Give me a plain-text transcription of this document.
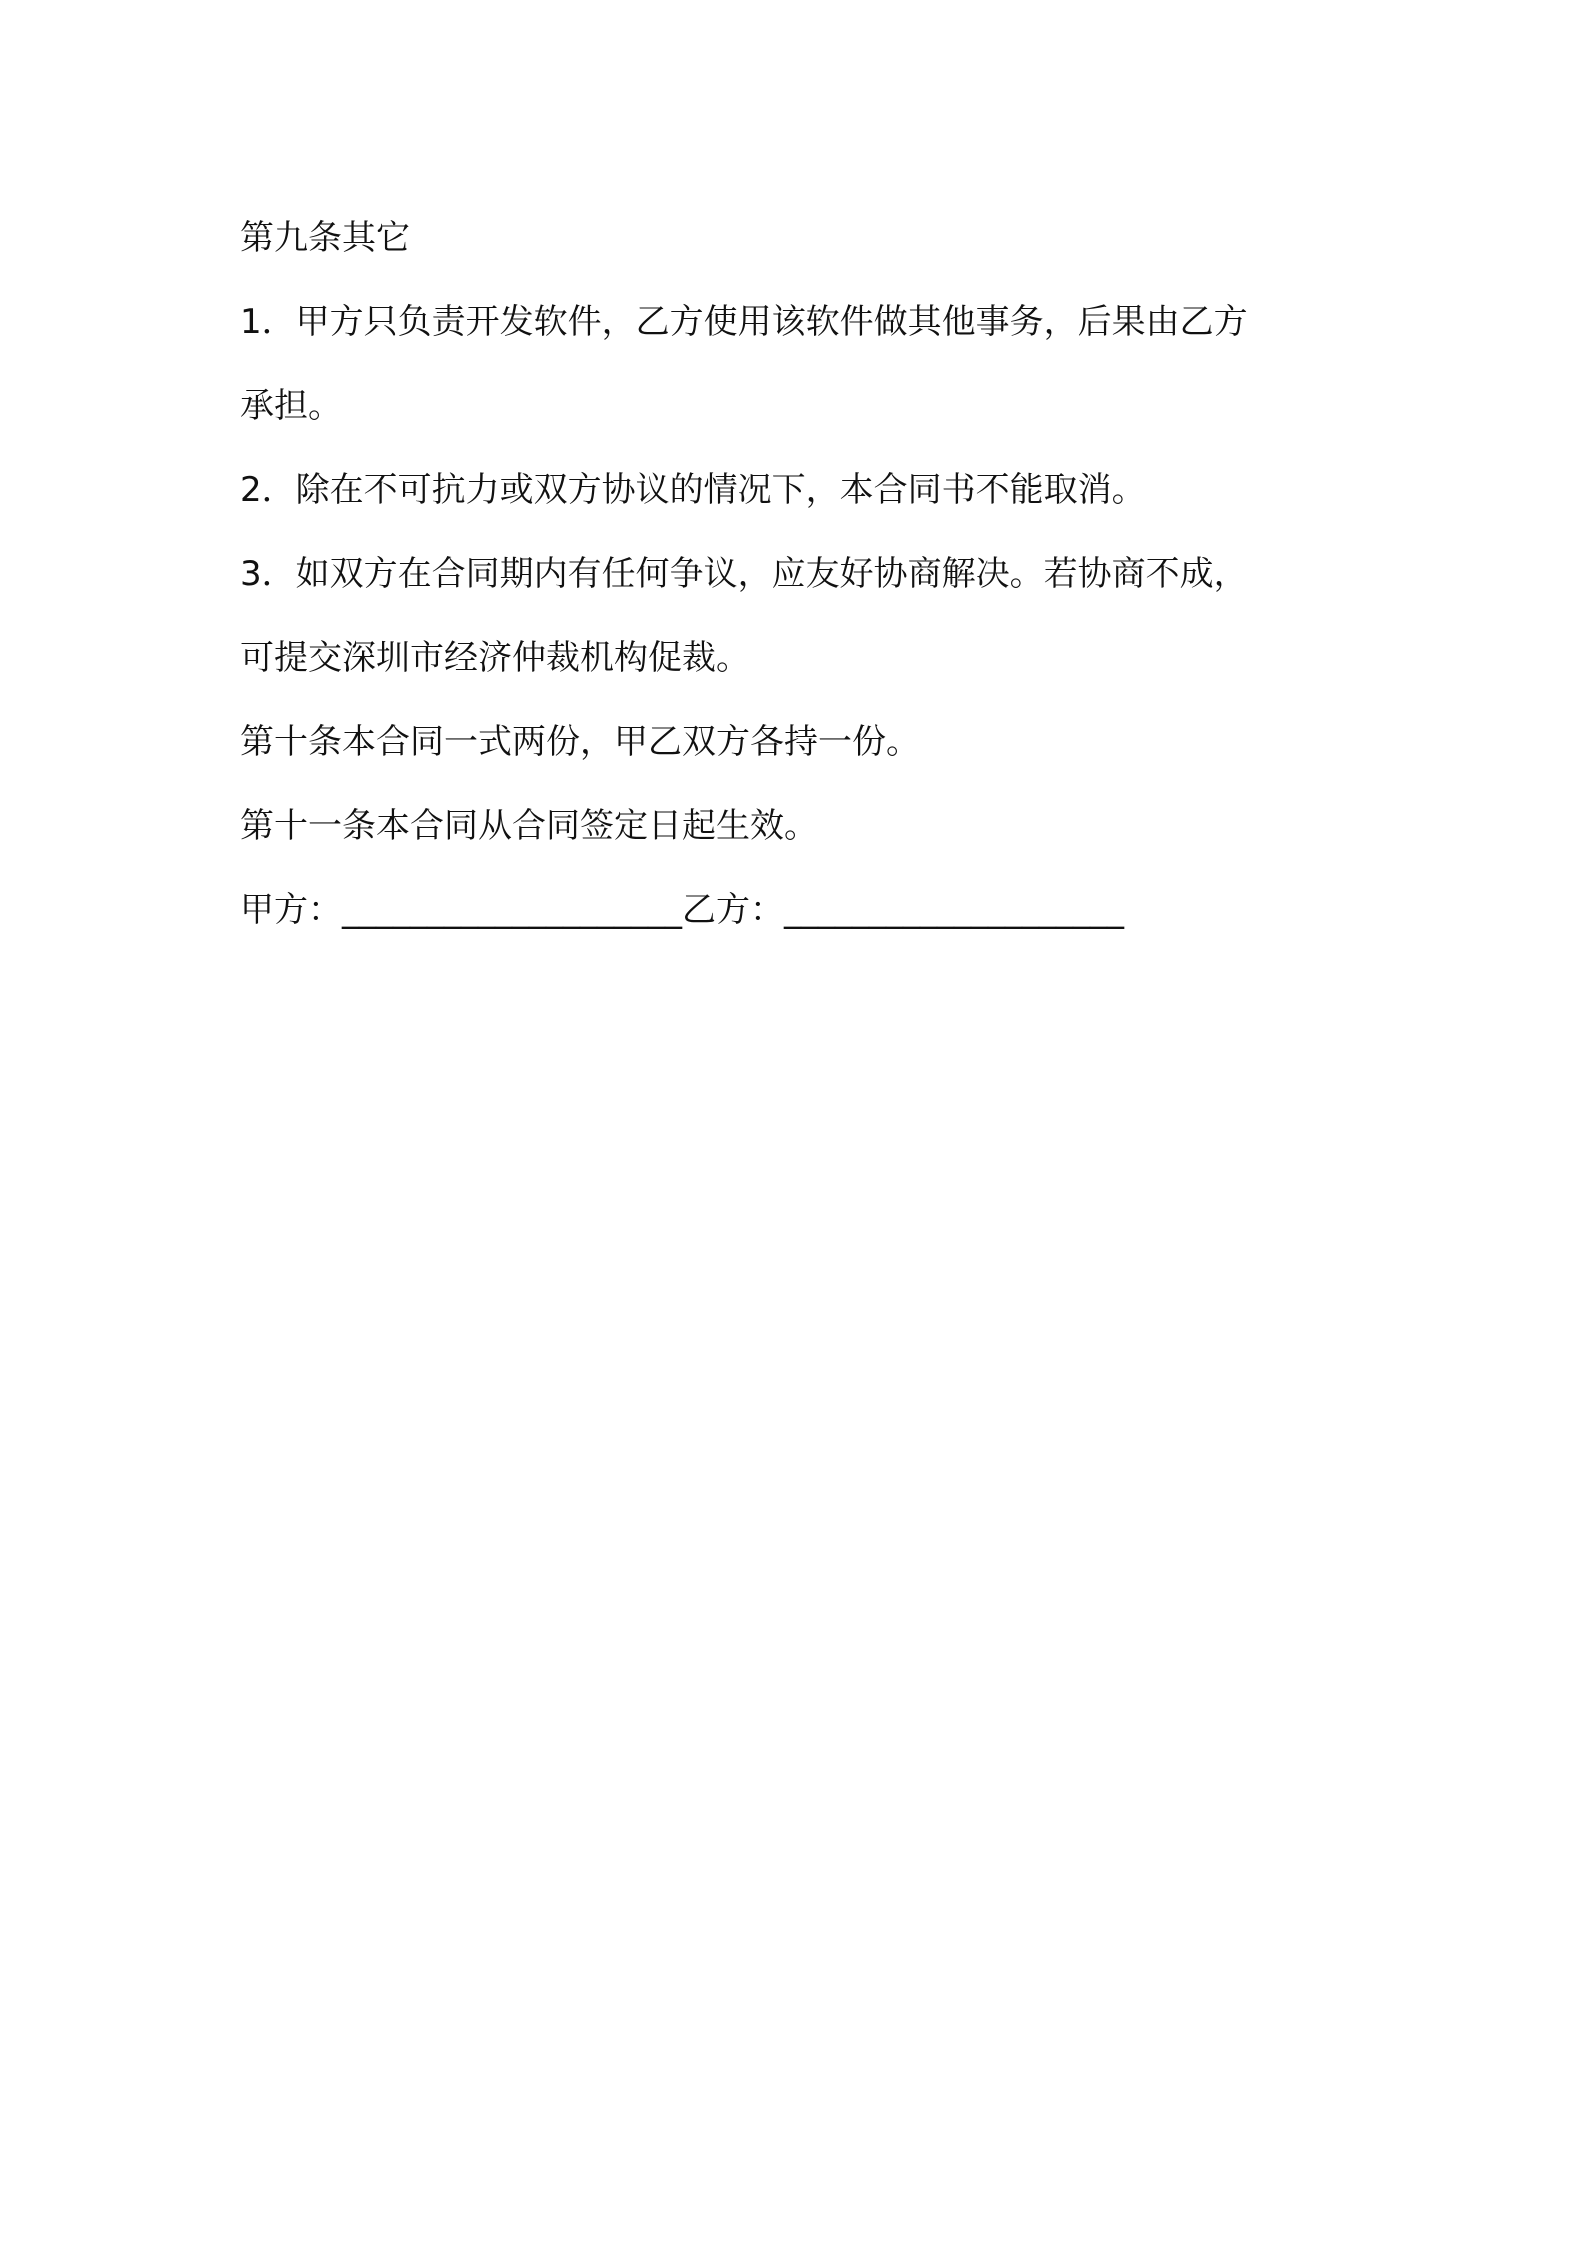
第九条其它

1．甲方只负责开发软件，乙方使用该软件做其他事务，后果由乙方

承担。

2．除在不可抗力或双方协议的情况下，本合同书不能取消。

3．如双方在合同期内有任何争议，应友好协商解决。若协商不成，

可提交深圳市经济仲裁机构促裁。

第十条本合同一式两份，甲乙双方各持一份。

第十一条本合同从合同签定日起生效。

甲方：____________________乙方：____________________
